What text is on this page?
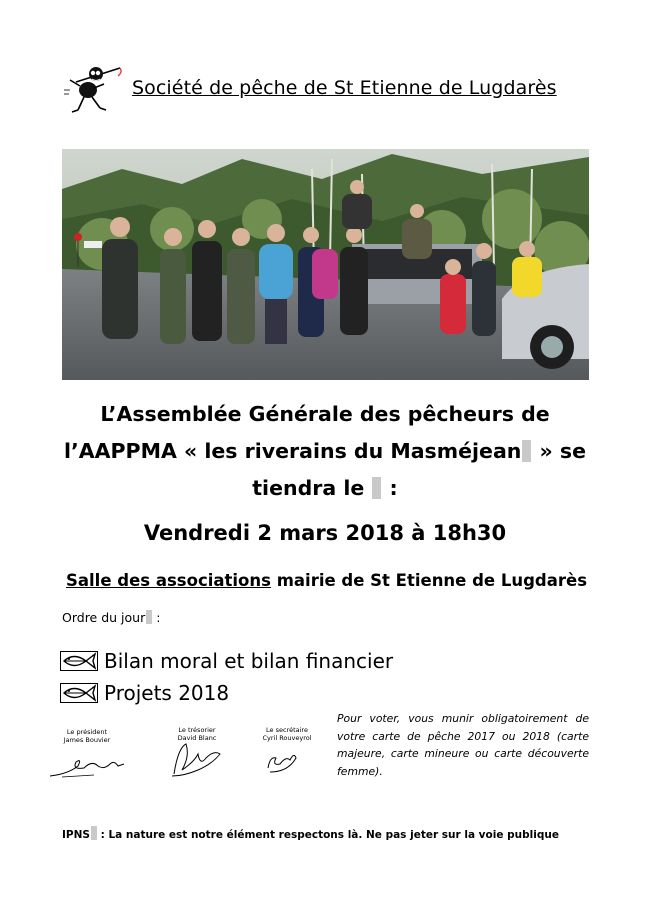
Société de pêche de St Etienne de Lugdarès
L’Assemblée Générale des pêcheurs de
l’AAPPMA « les riverains du Masméjean » se
tiendra le  :
Vendredi 2 mars 2018 à 18h30
Salle des associations mairie de St Etienne de Lugdarès
Ordre du jour :
Bilan moral et bilan financier
Projets 2018
Le président
James Bouvier
Le trésorier
David Blanc
Le secrétaire
Cyril Rouveyrol
Pour voter, vous munir obligatoirement de votre carte de pêche 2017 ou 2018 (carte majeure, carte mineure ou carte découverte femme).
IPNS : La nature est notre élément respectons là. Ne pas jeter sur la voie publique
